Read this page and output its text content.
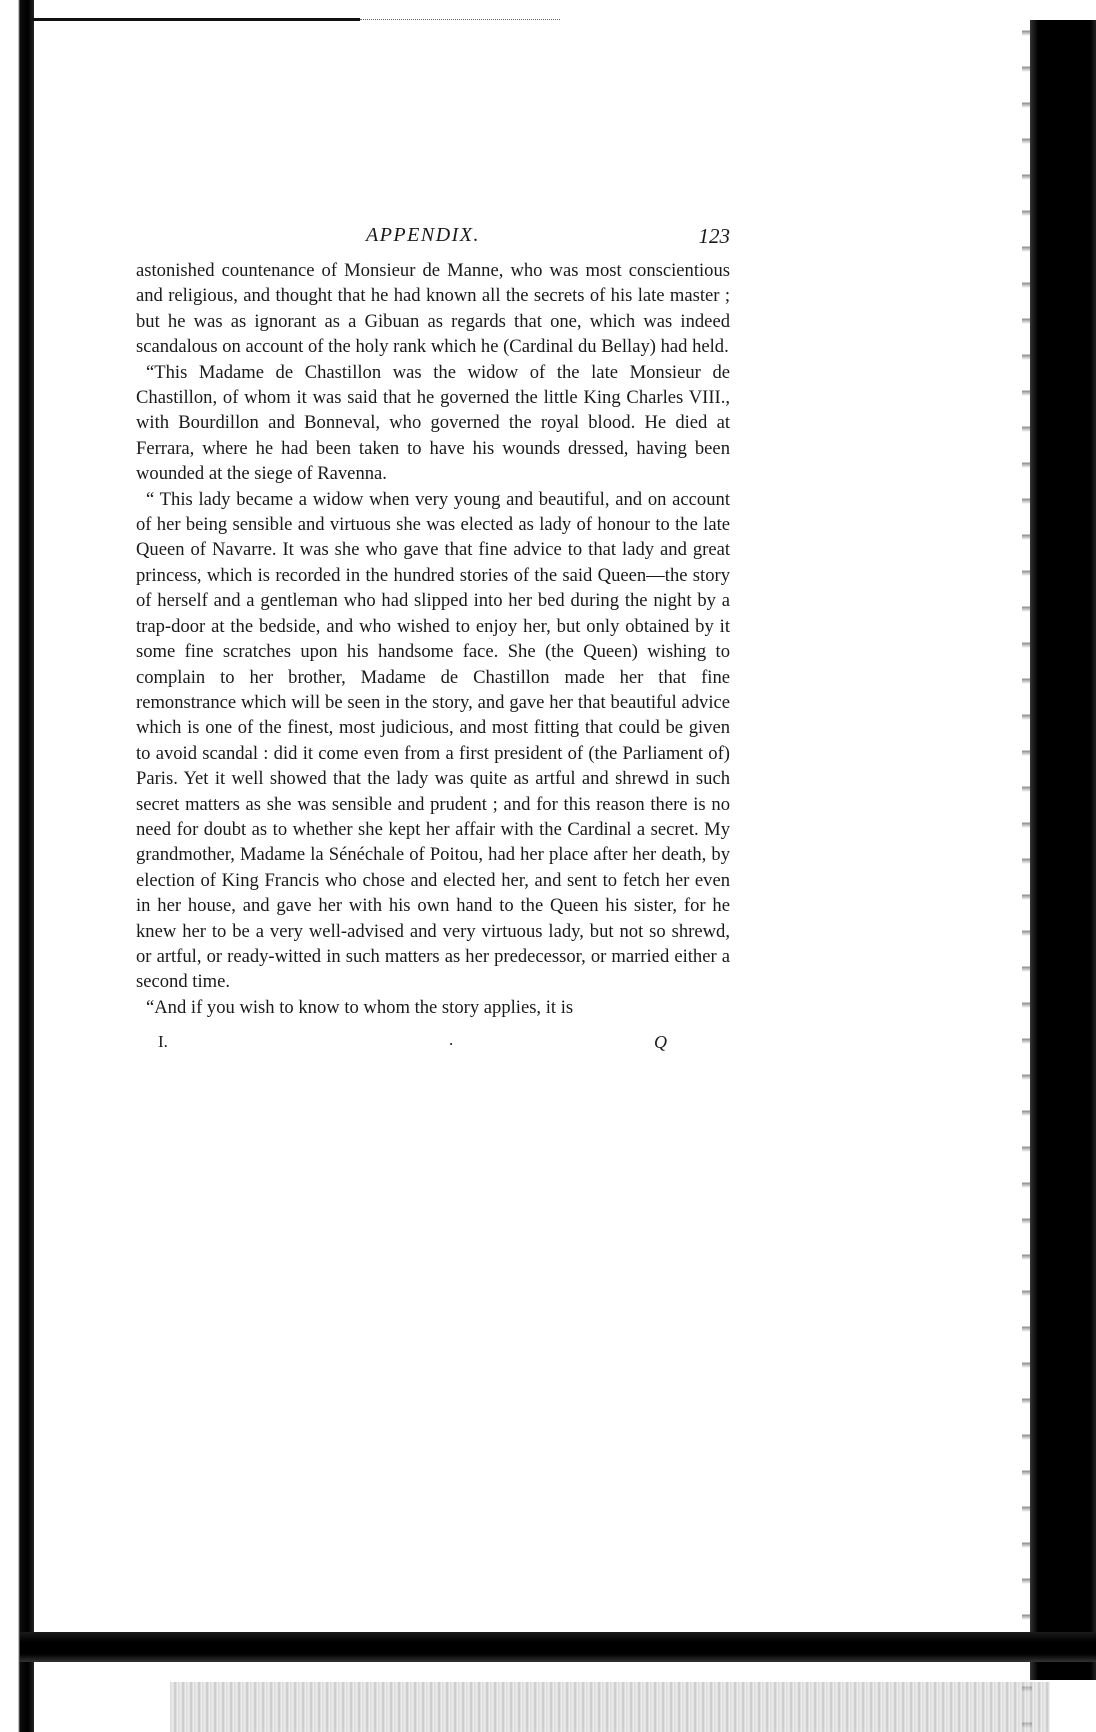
APPENDIX.	123

astonished countenance of Monsieur de Manne, who was most conscientious and religious, and thought that he had known all the secrets of his late master ; but he was as ignorant as a Gibuan as regards that one, which was indeed scandalous on account of the holy rank which he (Cardinal du Bellay) had held.

“This Madame de Chastillon was the widow of the late Monsieur de Chastillon, of whom it was said that he governed the little King Charles VIII., with Bourdillon and Bonneval, who governed the royal blood. He died at Ferrara, where he had been taken to have his wounds dressed, having been wounded at the siege of Ravenna.

“ This lady became a widow when very young and beautiful, and on account of her being sensible and virtuous she was elected as lady of honour to the late Queen of Navarre. It was she who gave that fine advice to that lady and great princess, which is recorded in the hundred stories of the said Queen—the story of herself and a gentleman who had slipped into her bed during the night by a trap-door at the bedside, and who wished to enjoy her, but only obtained by it some fine scratches upon his handsome face. She (the Queen) wishing to complain to her brother, Madame de Chastillon made her that fine remonstrance which will be seen in the story, and gave her that beautiful advice which is one of the finest, most judicious, and most fitting that could be given to avoid scandal : did it come even from a first president of (the Parliament of) Paris. Yet it well showed that the lady was quite as artful and shrewd in such secret matters as she was sensible and prudent ; and for this reason there is no need for doubt as to whether she kept her affair with the Cardinal a secret. My grandmother, Madame la Sénéchale of Poitou, had her place after her death, by election of King Francis who chose and elected her, and sent to fetch her even in her house, and gave her with his own hand to the Queen his sister, for he knew her to be a very well-advised and very virtuous lady, but not so shrewd, or artful, or ready-witted in such matters as her predecessor, or married either a second time.

“And if you wish to know to whom the story applies, it is

I.	.	Q
